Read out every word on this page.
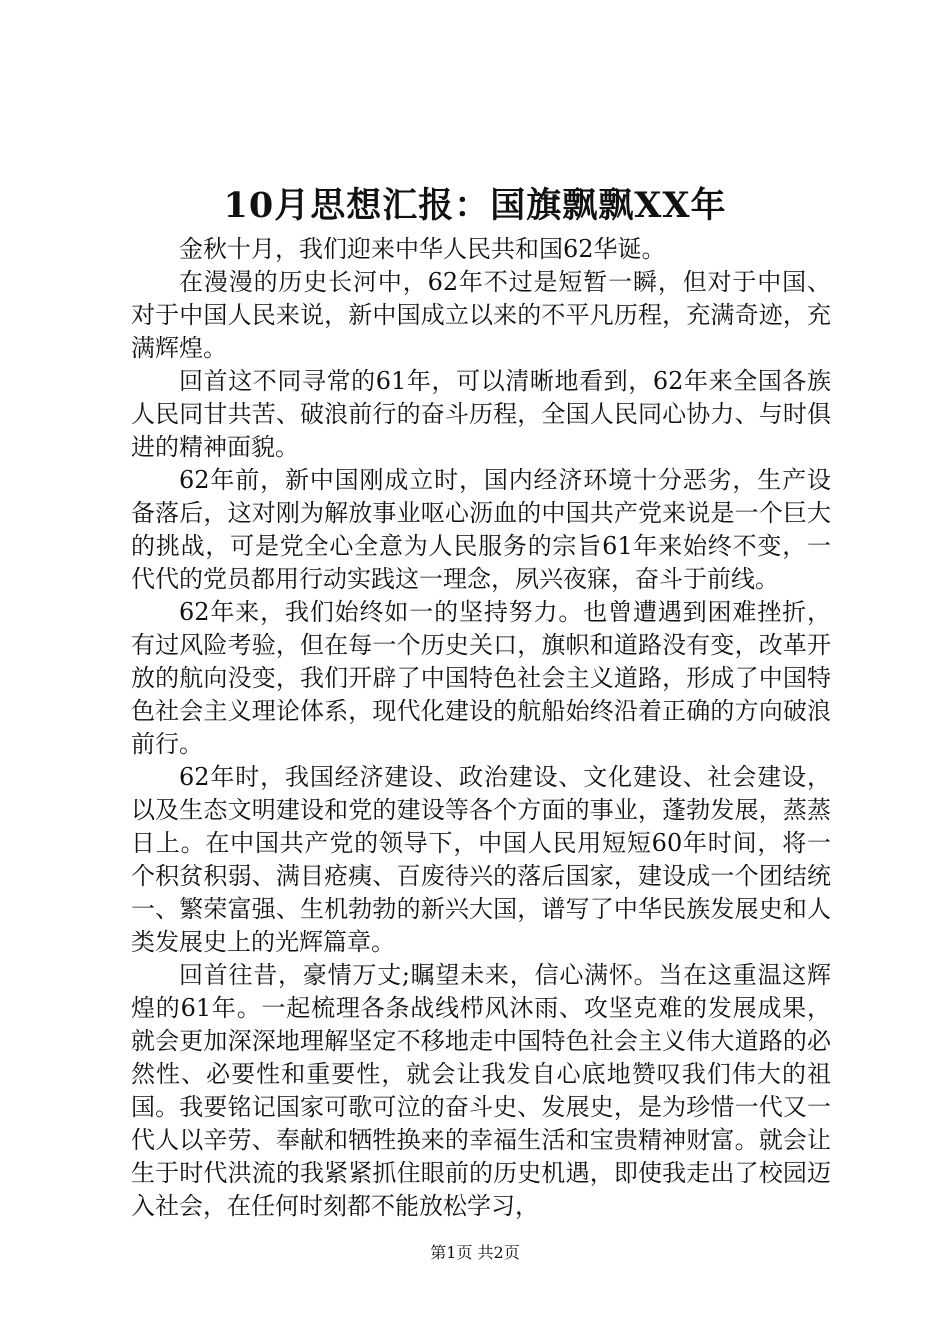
10月思想汇报：国旗飘飘XX年

金秋十月，我们迎来中华人民共和国62华诞。

在漫漫的历史长河中，62年不过是短暂一瞬，但对于中国、对于中国人民来说，新中国成立以来的不平凡历程，充满奇迹，充满辉煌。

回首这不同寻常的61年，可以清晰地看到，62年来全国各族人民同甘共苦、破浪前行的奋斗历程，全国人民同心协力、与时俱进的精神面貌。

62年前，新中国刚成立时，国内经济环境十分恶劣，生产设备落后，这对刚为解放事业呕心沥血的中国共产党来说是一个巨大的挑战，可是党全心全意为人民服务的宗旨61年来始终不变，一代代的党员都用行动实践这一理念，夙兴夜寐，奋斗于前线。

62年来，我们始终如一的坚持努力。也曾遭遇到困难挫折，有过风险考验，但在每一个历史关口，旗帜和道路没有变，改革开放的航向没变，我们开辟了中国特色社会主义道路，形成了中国特色社会主义理论体系，现代化建设的航船始终沿着正确的方向破浪前行。

62年时，我国经济建设、政治建设、文化建设、社会建设，以及生态文明建设和党的建设等各个方面的事业，蓬勃发展，蒸蒸日上。在中国共产党的领导下，中国人民用短短60年时间，将一个积贫积弱、满目疮痍、百废待兴的落后国家，建设成一个团结统一、繁荣富强、生机勃勃的新兴大国，谱写了中华民族发展史和人类发展史上的光辉篇章。

回首往昔，豪情万丈;瞩望未来，信心满怀。当在这重温这辉煌的61年。一起梳理各条战线栉风沐雨、攻坚克难的发展成果，就会更加深深地理解坚定不移地走中国特色社会主义伟大道路的必然性、必要性和重要性，就会让我发自心底地赞叹我们伟大的祖国。我要铭记国家可歌可泣的奋斗史、发展史，是为珍惜一代又一代人以辛劳、奉献和牺牲换来的幸福生活和宝贵精神财富。就会让生于时代洪流的我紧紧抓住眼前的历史机遇，即使我走出了校园迈入社会，在任何时刻都不能放松学习，

第1页 共2页
